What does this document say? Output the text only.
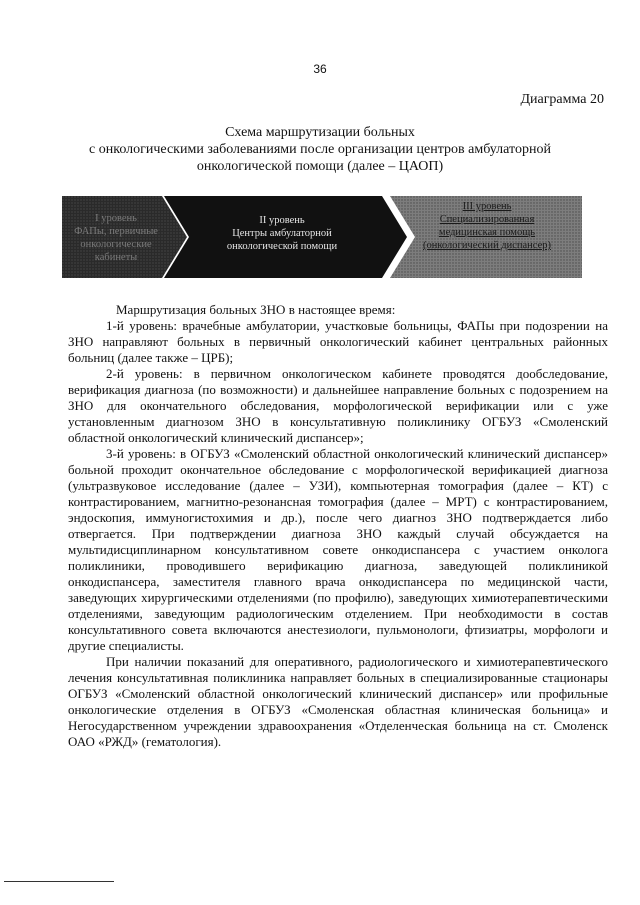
36
Диаграмма 20
Схема маршрутизации больных
с онкологическими заболеваниями после организации центров амбулаторной
онкологической помощи (далее – ЦАОП)
I уровень
ФАПы, первичные онкологические кабинеты
II уровень
Центры амбулаторной онкологической помощи
III уровень
Специализированная медицинская помощь (онкологический диспансер)

Маршрутизация больных ЗНО в настоящее время:

1-й уровень: врачебные амбулатории, участковые больницы, ФАПы при подозрении на ЗНО направляют больных в первичный онкологический кабинет центральных районных больниц (далее также – ЦРБ);

2-й уровень: в первичном онкологическом кабинете проводятся дообследование, верификация диагноза (по возможности) и дальнейшее направление больных с подозрением на ЗНО для окончательного обследования, морфологической верификации или с уже установленным диагнозом ЗНО в консультативную поликлинику ОГБУЗ «Смоленский областной онкологический клинический диспансер»;

3-й уровень: в ОГБУЗ «Смоленский областной онкологический клинический диспансер» больной проходит окончательное обследование с морфологической верификацией диагноза (ультразвуковое исследование (далее – УЗИ), компьютерная томография (далее – КТ) с контрастированием, магнитно-резонансная томография (далее – МРТ) с контрастированием, эндоскопия, иммуногистохимия и др.), после чего диагноз ЗНО подтверждается либо отвергается. При подтверждении диагноза ЗНО каждый случай обсуждается на мультидисциплинарном консультативном совете онкодиспансера с участием онколога поликлиники, проводившего верификацию диагноза, заведующей поликлиникой онкодиспансера, заместителя главного врача онкодиспансера по медицинской части, заведующих хирургическими отделениями (по профилю), заведующих химиотерапевтическими отделениями, заведующим радиологическим отделением. При необходимости в состав консультативного совета включаются анестезиологи, пульмонологи, фтизиатры, морфологи и другие специалисты.

При наличии показаний для оперативного, радиологического и химиотерапевтического лечения консультативная поликлиника направляет больных в специализированные стационары ОГБУЗ «Смоленский областной онкологический клинический диспансер» или профильные онкологические отделения в ОГБУЗ «Смоленская областная клиническая больница» и Негосударственном учреждении здравоохранения «Отделенческая больница на ст. Смоленск ОАО «РЖД» (гематология).
